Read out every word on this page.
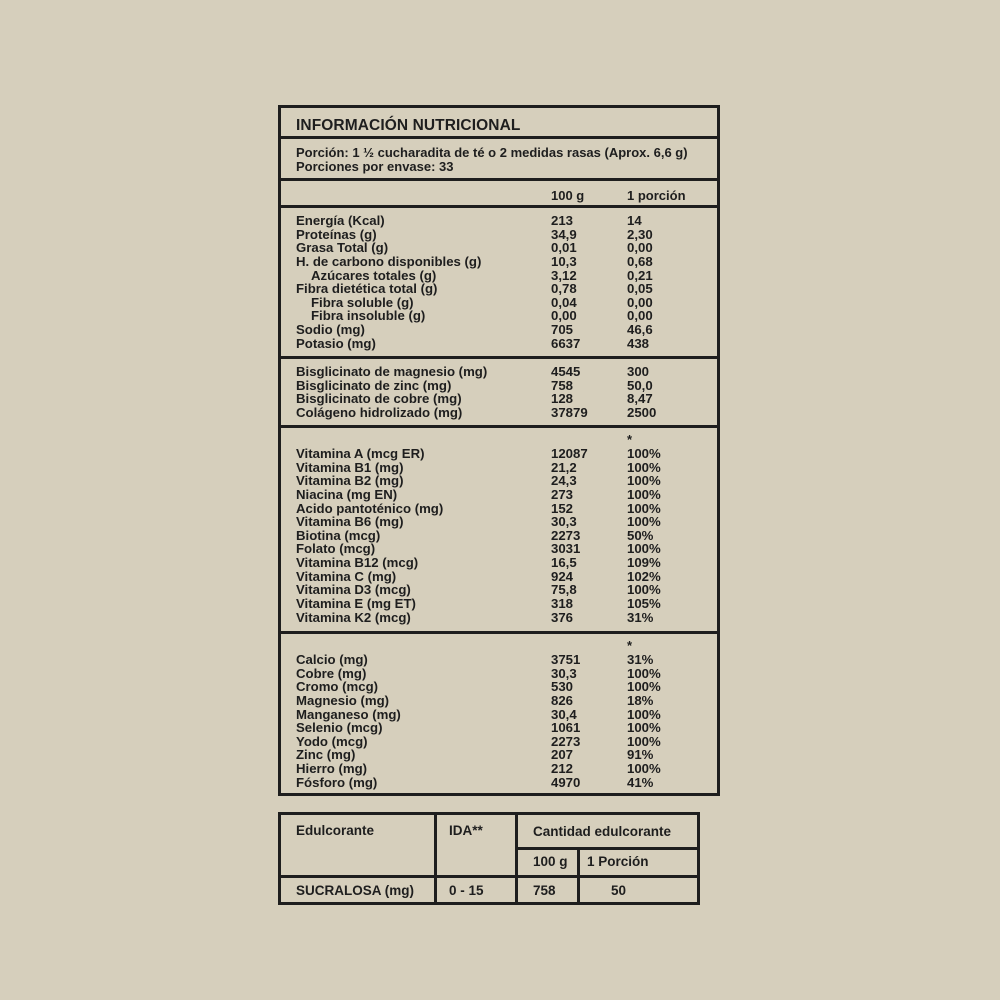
INFORMACIÓN NUTRICIONAL
Porción: 1 ½ cucharadita de té o 2 medidas rasas (Aprox. 6,6 g)
Porciones por envase: 33
100 g	1 porción
Energía (Kcal)	213	14
Proteínas (g)	34,9	2,30
Grasa Total (g)	0,01	0,00
H. de carbono disponibles (g)	10,3	0,68
Azúcares totales (g)	3,12	0,21
Fibra dietética total (g)	0,78	0,05
Fibra soluble (g)	0,04	0,00
Fibra insoluble (g)	0,00	0,00
Sodio (mg)	705	46,6
Potasio (mg)	6637	438
Bisglicinato de magnesio (mg)	4545	300
Bisglicinato de zinc (mg)	758	50,0
Bisglicinato de cobre (mg)	128	8,47
Colágeno hidrolizado (mg)	37879	2500
*
Vitamina A (mcg ER)	12087	100%
Vitamina B1 (mg)	21,2	100%
Vitamina B2 (mg)	24,3	100%
Niacina (mg EN)	273	100%
Acido pantoténico (mg)	152	100%
Vitamina B6 (mg)	30,3	100%
Biotina (mcg)	2273	50%
Folato (mcg)	3031	100%
Vitamina B12 (mcg)	16,5	109%
Vitamina C (mg)	924	102%
Vitamina D3 (mcg)	75,8	100%
Vitamina E (mg ET)	318	105%
Vitamina K2 (mcg)	376	31%
*
Calcio (mg)	3751	31%
Cobre (mg)	30,3	100%
Cromo (mcg)	530	100%
Magnesio (mg)	826	18%
Manganeso (mg)	30,4	100%
Selenio (mcg)	1061	100%
Yodo (mcg)	2273	100%
Zinc (mg)	207	91%
Hierro (mg)	212	100%
Fósforo (mg)	4970	41%
Edulcorante	IDA**	Cantidad edulcorante
100 g 1 Porción
SUCRALOSA (mg)	0 - 15	758	50
